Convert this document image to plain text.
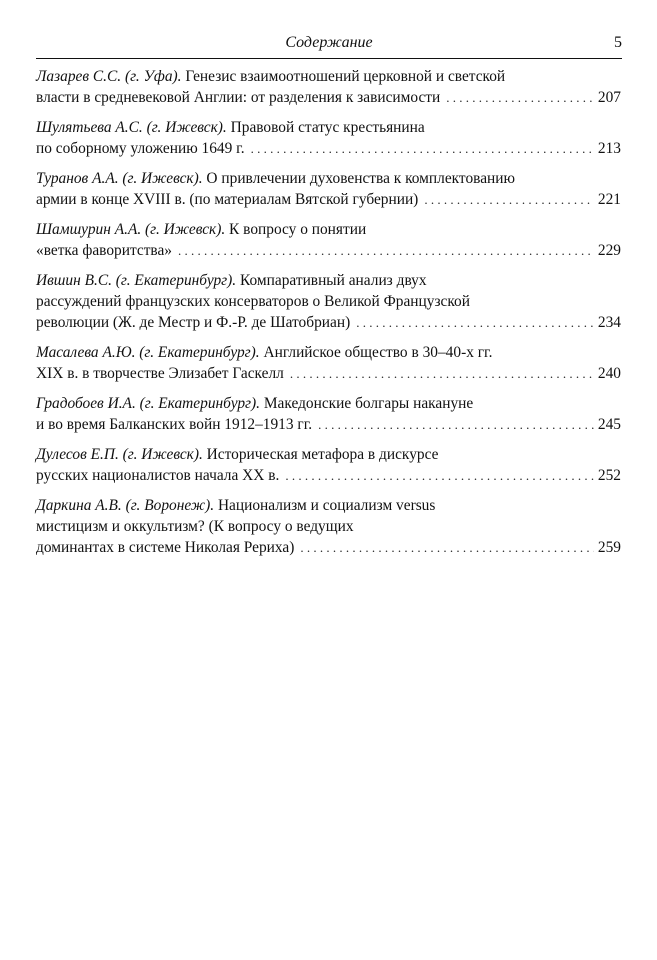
Содержание	5
Лазарев С.С. (г. Уфа). Генезис взаимоотношений церковной и светской
власти в средневековой Англии: от разделения к зависимости . . .	207
Шулятьева А.С. (г. Ижевск). Правовой статус крестьянина
по соборному уложению 1649 г. . . .	213
Туранов А.А. (г. Ижевск). О привлечении духовенства к комплектованию
армии в конце XVIII в. (по материалам Вятской губернии) . . .	221
Шамшурин А.А. (г. Ижевск). К вопросу о понятии
«ветка фаворитства» . . .	229
Ившин В.С. (г. Екатеринбург). Компаративный анализ двух
рассуждений французских консерваторов о Великой Французской
революции (Ж. де Местр и Ф.-Р. де Шатобриан) . . .	234
Масалева А.Ю. (г. Екатеринбург). Английское общество в 30–40-х гг.
XIX в. в творчестве Элизабет Гаскелл . . .	240
Градобоев И.А. (г. Екатеринбург). Македонские болгары накануне
и во время Балканских войн 1912–1913 гг. . . .	245
Дулесов Е.П. (г. Ижевск). Историческая метафора в дискурсе
русских националистов начала XX в. . . .	252
Даркина А.В. (г. Воронеж). Национализм и социализм versus
мистицизм и оккультизм? (К вопросу о ведущих
доминантах в системе Николая Рериха) . . .	259
